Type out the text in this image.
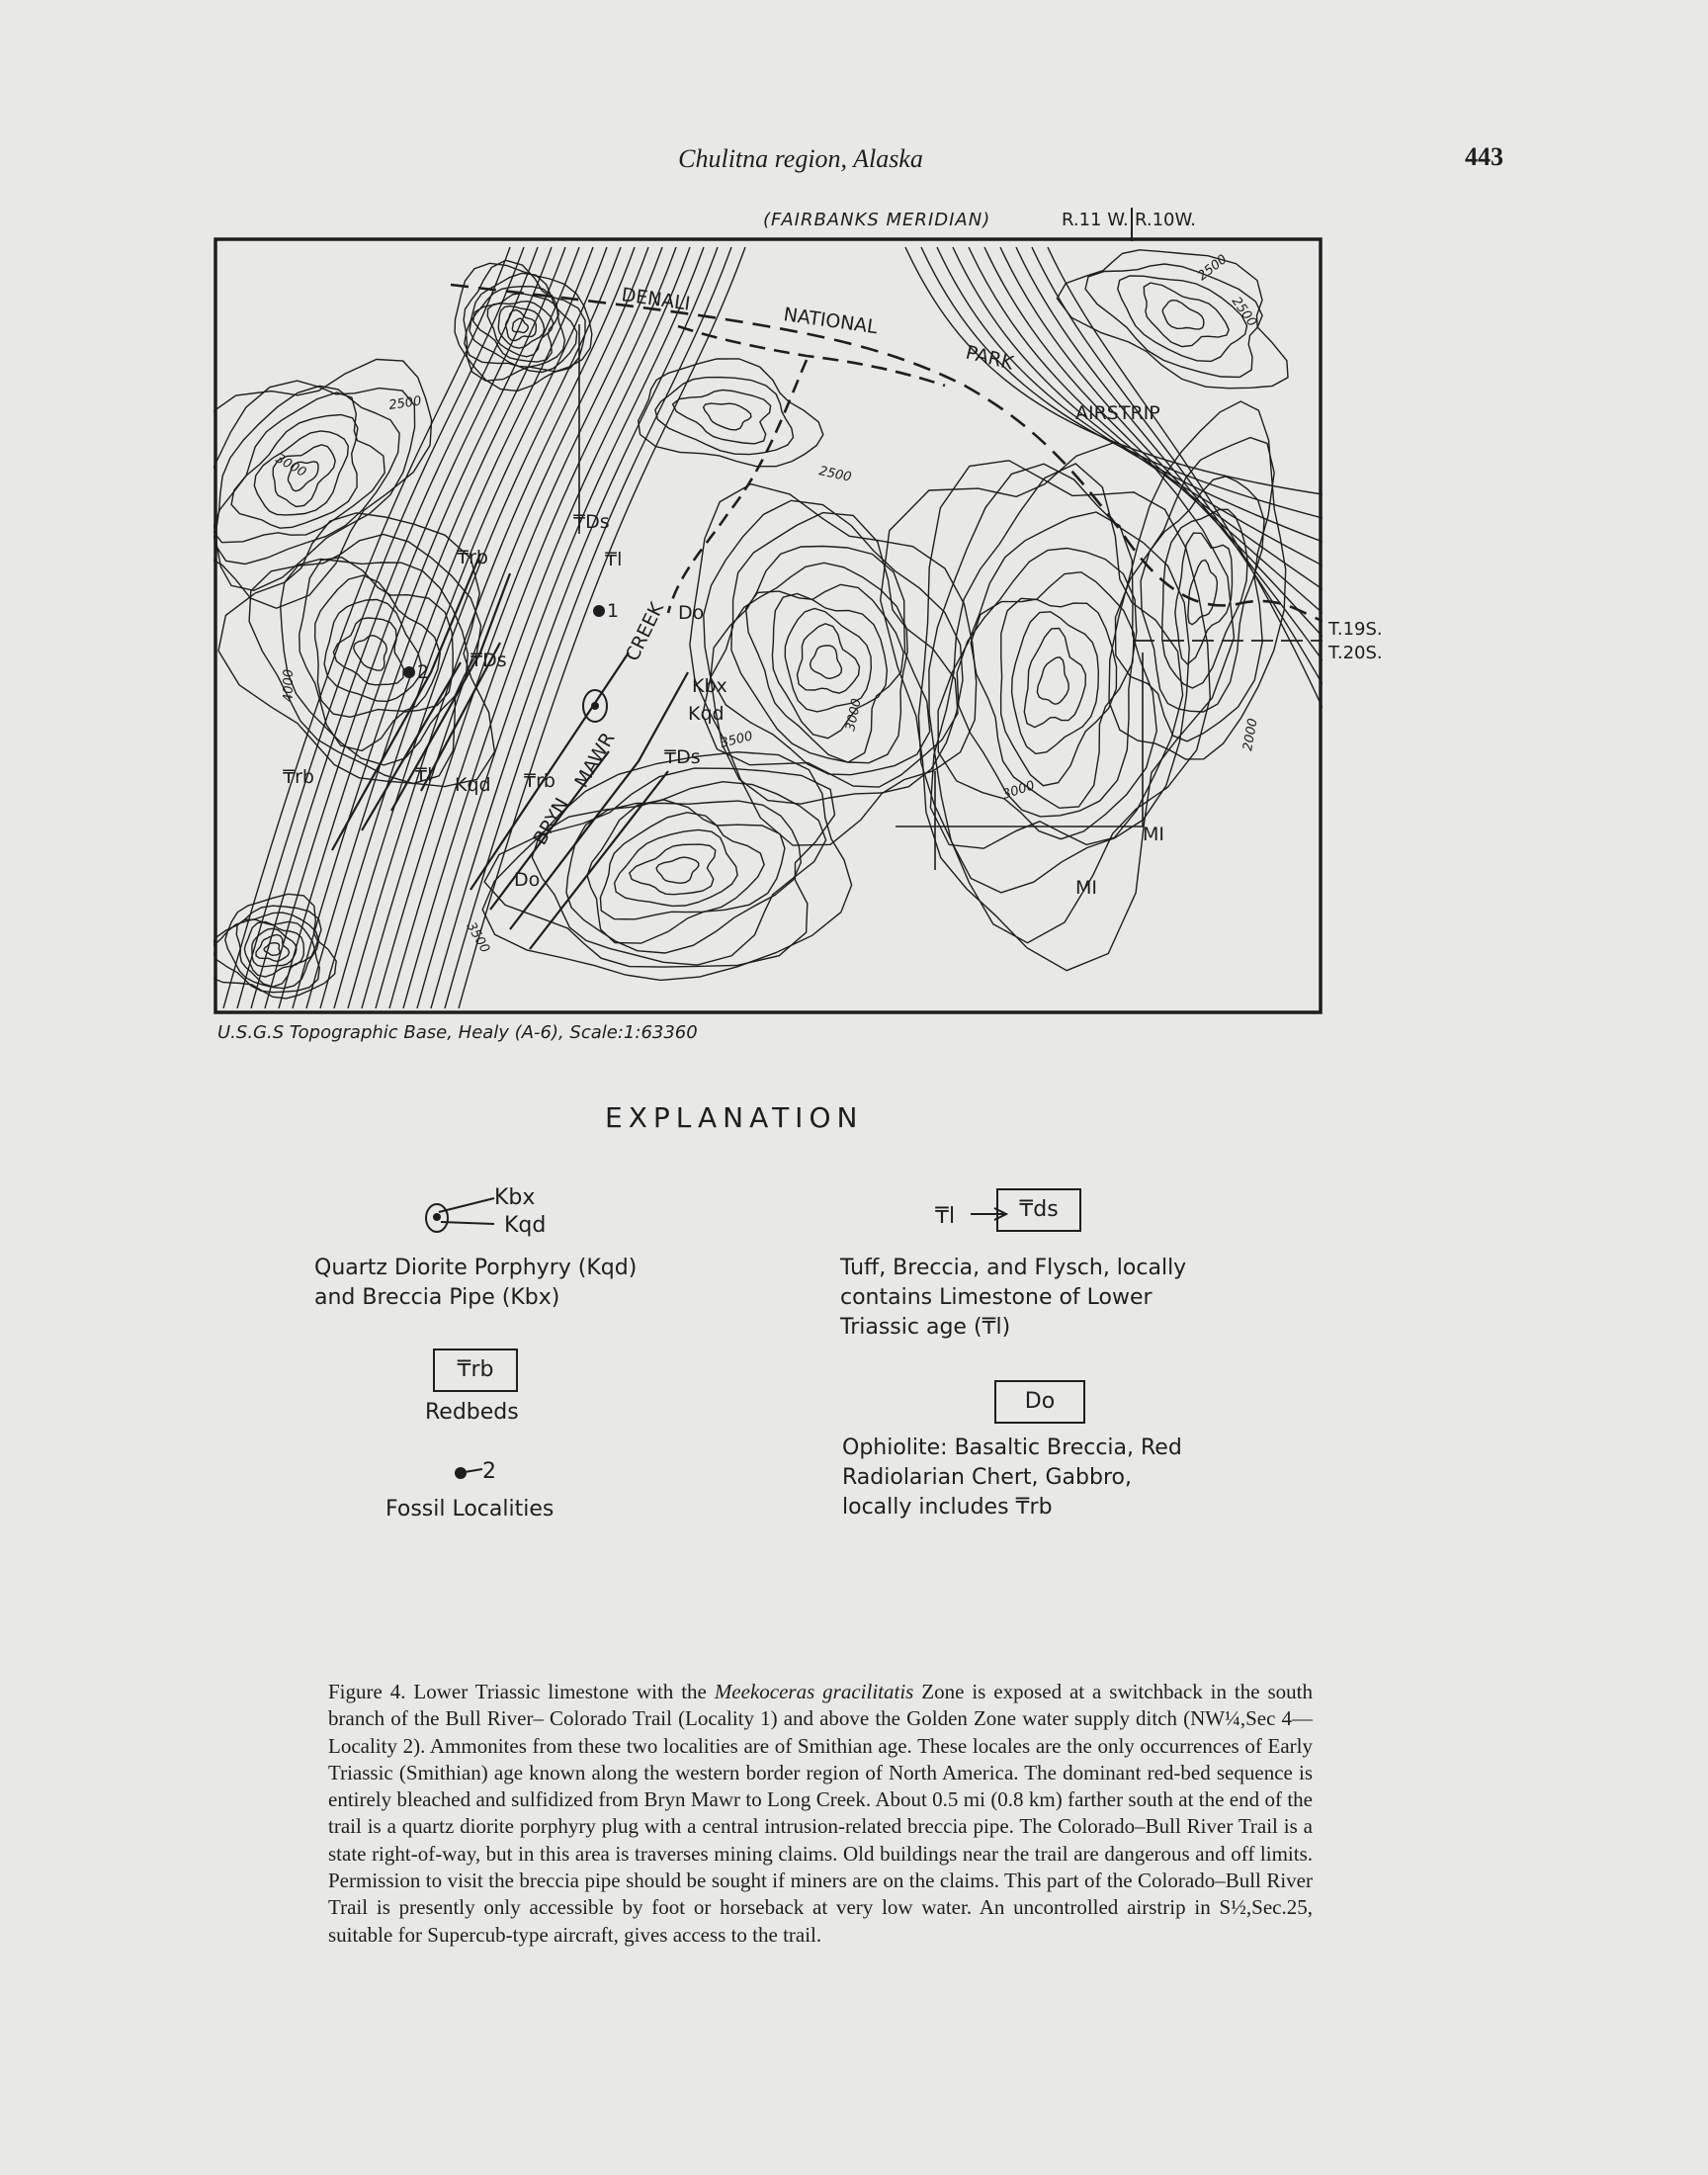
Chulitna region, Alaska	443
(FAIRBANKS MERIDIAN)	R.11 W. R.10W.
DENALI
NATIONAL
PARK
AIRSTRIP
2500
2500
2500
2500
3000
3000
3000
2000
4000
3500
3500
₸Ds
₸rb	₸l
Do
₸Ds
Kbx
Kqd
₸Ds
₸rb	₸l Kqd ₸rb
Do
1
2
BRYN
MAWR
CREEK
MI
MI
T.19S.
T.20S.
U.S.G.S Topographic Base, Healy (A-6), Scale:1:63360
EXPLANATION
Kbx
Kqd
Quartz Diorite Porphyry (Kqd)
and Breccia Pipe (Kbx)
₸l	₸ds
Tuff, Breccia, and Flysch, locally
contains Limestone of Lower
Triassic age (₸l)
₸rb
Redbeds	Do
Ophiolite: Basaltic Breccia, Red
Radiolarian Chert, Gabbro,
locally includes ₸rb
2
Fossil Localities
Figure 4. Lower Triassic limestone with the Meekoceras gracilitatis Zone is exposed at a switchback in the south branch of the Bull River– Colorado Trail (Locality 1) and above the Golden Zone water supply ditch (NW¼,Sec 4—Locality 2). Ammonites from these two localities are of Smithian age. These locales are the only occurrences of Early Triassic (Smithian) age known along the western border region of North America. The dominant red-bed sequence is entirely bleached and sulfidized from Bryn Mawr to Long Creek. About 0.5 mi (0.8 km) farther south at the end of the trail is a quartz diorite porphyry plug with a central intrusion-related breccia pipe. The Colorado–Bull River Trail is a state right-of-way, but in this area is traverses mining claims. Old buildings near the trail are dangerous and off limits. Permission to visit the breccia pipe should be sought if miners are on the claims. This part of the Colorado–Bull River Trail is presently only accessible by foot or horseback at very low water. An uncontrolled airstrip in S½,Sec.25, suitable for Supercub-type aircraft, gives access to the trail.
